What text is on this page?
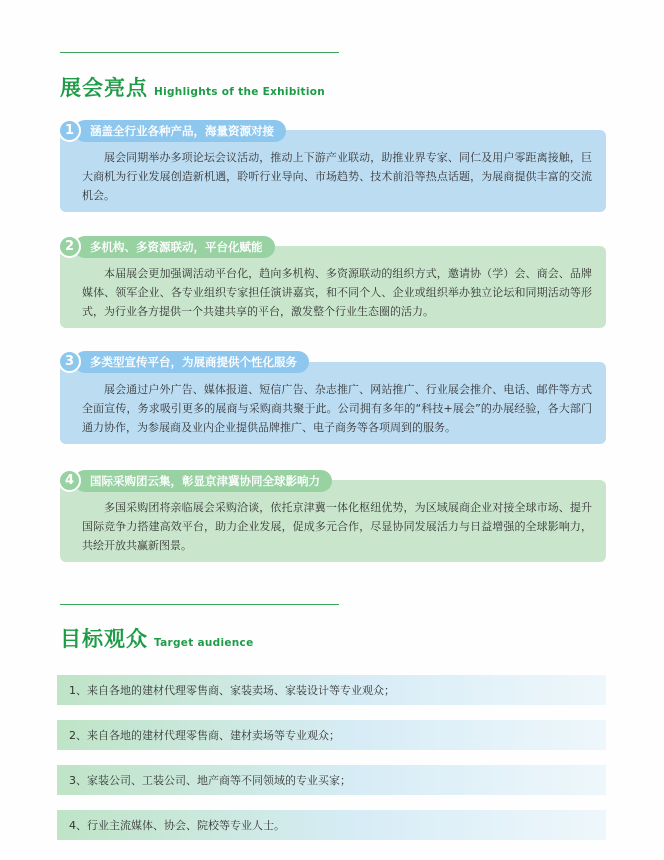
展会亮点 Highlights of the Exhibition

展会同期举办多项论坛会议活动，推动上下游产业联动，助推业界专家、同仁及用户零距离接触，巨大商机为行业发展创造新机遇，聆听行业导向、市场趋势、技术前沿等热点话题，为展商提供丰富的交流机会。

涵盖全行业各种产品，海量资源对接
1

本届展会更加强调活动平台化，趋向多机构、多资源联动的组织方式，邀请协（学）会、商会、品牌媒体、领军企业、各专业组织专家担任演讲嘉宾，和不同个人、企业或组织举办独立论坛和同期活动等形式，为行业各方提供一个共建共享的平台，激发整个行业生态圈的活力。

多机构、多资源联动，平台化赋能
2

展会通过户外广告、媒体报道、短信广告、杂志推广、网站推广、行业展会推介、电话、邮件等方式全面宣传，务求吸引更多的展商与采购商共聚于此。公司拥有多年的“科技+展会”的办展经验，各大部门通力协作，为参展商及业内企业提供品牌推广、电子商务等各项周到的服务。

多类型宣传平台，为展商提供个性化服务
3

多国采购团将亲临展会采购洽谈，依托京津冀一体化枢纽优势，为区域展商企业对接全球市场、提升国际竞争力搭建高效平台，助力企业发展，促成多元合作，尽显协同发展活力与日益增强的全球影响力，共绘开放共赢新图景。

国际采购团云集，彰显京津冀协同全球影响力
4
目标观众 Target audience
1、来自各地的建材代理零售商、家装卖场、家装设计等专业观众；
2、来自各地的建材代理零售商、建材卖场等专业观众；
3、家装公司、工装公司、地产商等不同领域的专业买家；
4、行业主流媒体、协会、院校等专业人士。
